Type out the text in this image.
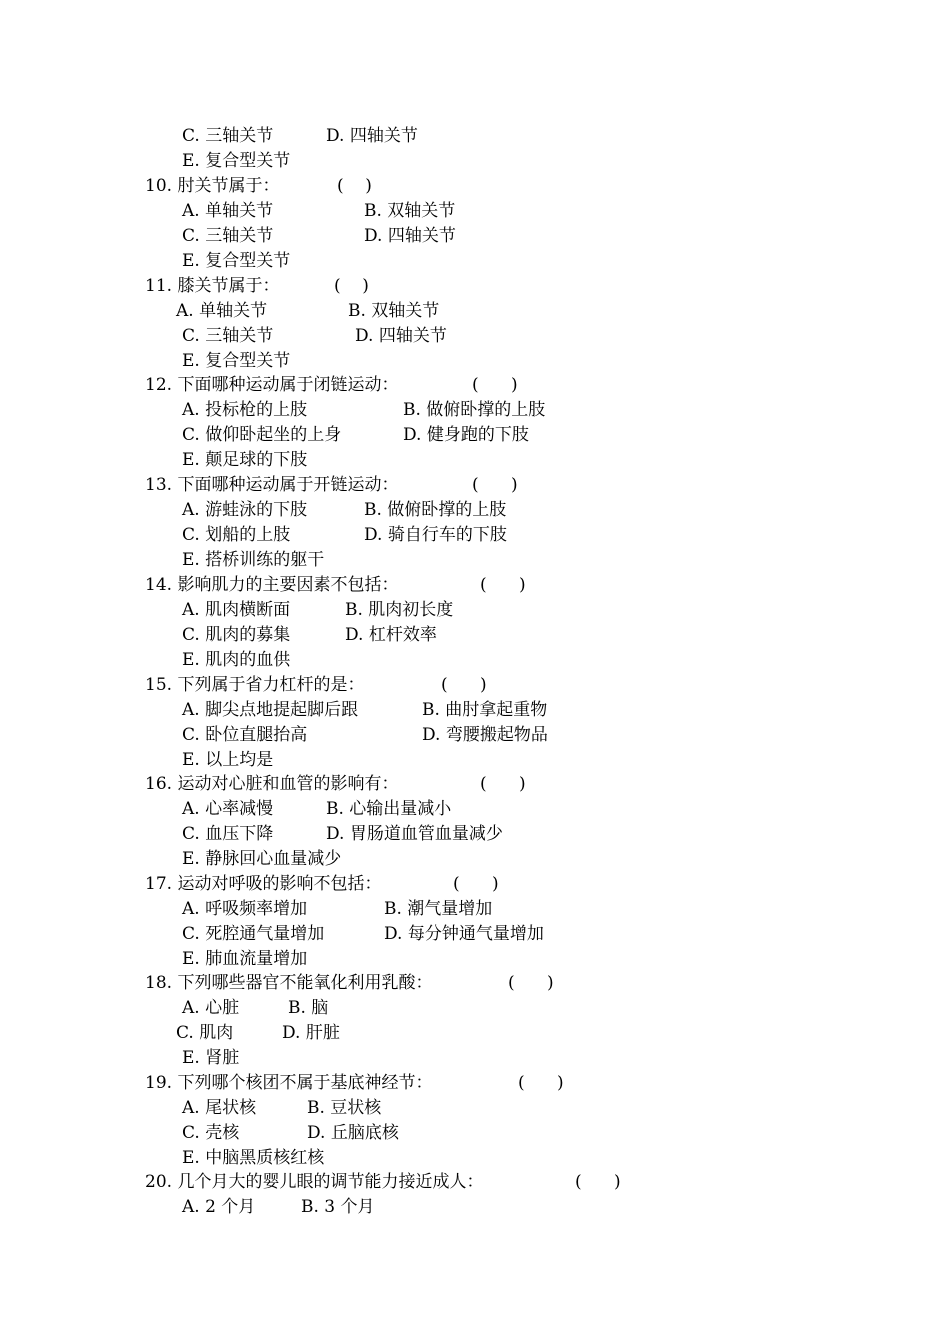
C. 三轴关节	D. 四轴关节
E. 复合型关节
10. 肘关节属于：	(    )
A. 单轴关节	B. 双轴关节
C. 三轴关节	D. 四轴关节
E. 复合型关节
11. 膝关节属于：	(    )
A. 单轴关节	B. 双轴关节
C. 三轴关节	D. 四轴关节
E. 复合型关节
12. 下面哪种运动属于闭链运动：	(      )
A. 投标枪的上肢	B. 做俯卧撑的上肢
C. 做仰卧起坐的上身	D. 健身跑的下肢
E. 颠足球的下肢
13. 下面哪种运动属于开链运动：	(      )
A. 游蛙泳的下肢	B. 做俯卧撑的上肢
C. 划船的上肢	D. 骑自行车的下肢
E. 搭桥训练的躯干
14. 影响肌力的主要因素不包括：	(      )
A. 肌肉横断面	B. 肌肉初长度
C. 肌肉的募集	D. 杠杆效率
E. 肌肉的血供
15. 下列属于省力杠杆的是：	(      )
A. 脚尖点地提起脚后跟	B. 曲肘拿起重物
C. 卧位直腿抬高	D. 弯腰搬起物品
E. 以上均是
16. 运动对心脏和血管的影响有：	(      )
A. 心率减慢	B. 心输出量减小
C. 血压下降	D. 胃肠道血管血量减少
E. 静脉回心血量减少
17. 运动对呼吸的影响不包括：	(      )
A. 呼吸频率增加	B. 潮气量增加
C. 死腔通气量增加	D. 每分钟通气量增加
E. 肺血流量增加
18. 下列哪些器官不能氧化利用乳酸：	(      )
A. 心脏	B. 脑
C. 肌肉	D. 肝脏
E. 肾脏
19. 下列哪个核团不属于基底神经节：	(      )
A. 尾状核	B. 豆状核
C. 壳核	D. 丘脑底核
E. 中脑黑质核红核
20. 几个月大的婴儿眼的调节能力接近成人：	(      )
A. 2 个月	B. 3 个月
